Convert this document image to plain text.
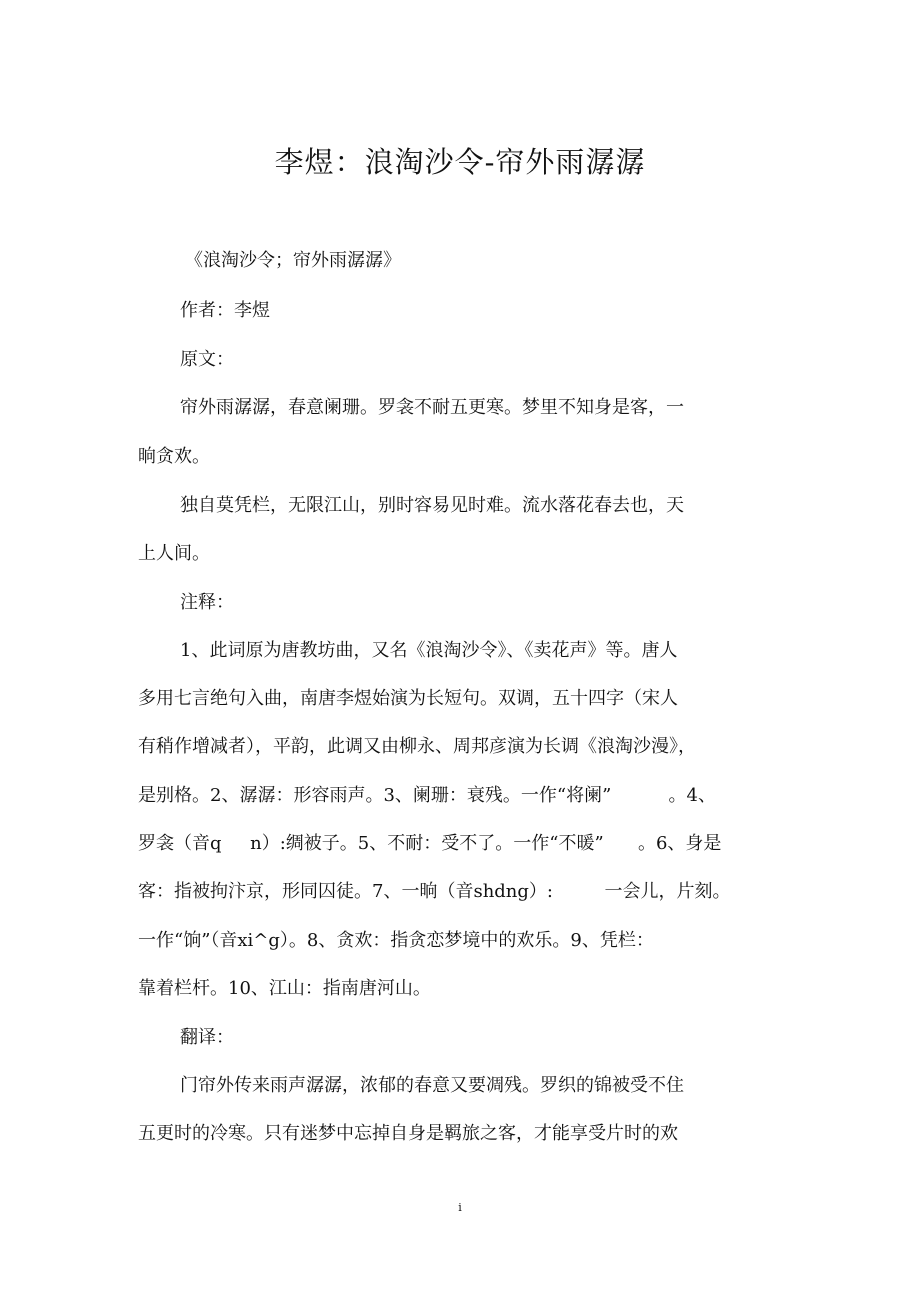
李煜：浪淘沙令-帘外雨潺潺
《浪淘沙令；帘外雨潺潺》
作者：李煜
原文：
帘外雨潺潺，春意阑珊。罗衾不耐五更寒。梦里不知身是客，一
晌贪欢。
独自莫凭栏，无限江山，别时容易见时难。流水落花春去也，天
上人间。
注释：
1、此词原为唐教坊曲，又名《浪淘沙令》、《卖花声》等。唐人
多用七言绝句入曲，南唐李煜始演为长短句。双调，五十四字（宋人
有稍作增减者），平韵，此调又由柳永、周邦彦演为长调《浪淘沙漫》，
是别格。2、潺潺：形容雨声。3、阑珊：衰残。一作“将阑”          。4、
罗衾（音q     n）:绸被子。5、不耐：受不了。一作“不暖”      。6、身是
客：指被拘汴京，形同囚徒。7、一晌（音shdng）:         一会儿，片刻。
一作“饷”（音xi^g）。8、贪欢：指贪恋梦境中的欢乐。9、凭栏：
靠着栏杆。10、江山：指南唐河山。
翻译：
门帘外传来雨声潺潺，浓郁的春意又要凋残。罗织的锦被受不住
五更时的冷寒。只有迷梦中忘掉自身是羁旅之客，才能享受片时的欢
i
